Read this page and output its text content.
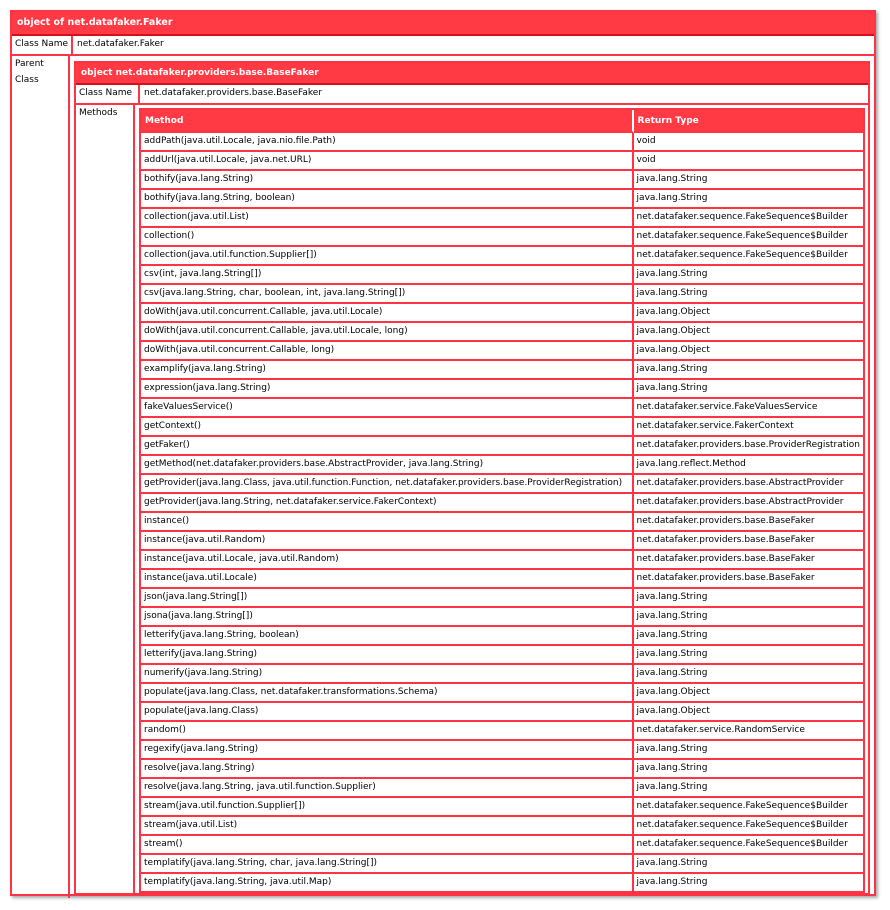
object of net.datafaker.Faker
Class Name net.datafaker.Faker
Parent Class
object net.datafaker.providers.base.BaseFaker
Class Name	net.datafaker.providers.base.BaseFaker
Methods
Method	Return Type
addPath(java.util.Locale, java.nio.file.Path)	void
addUrl(java.util.Locale, java.net.URL)	void
bothify(java.lang.String)	java.lang.String
bothify(java.lang.String, boolean)	java.lang.String
collection(java.util.List)	net.datafaker.sequence.FakeSequence$Builder
collection()	net.datafaker.sequence.FakeSequence$Builder
collection(java.util.function.Supplier[])	net.datafaker.sequence.FakeSequence$Builder
csv(int, java.lang.String[])	java.lang.String
csv(java.lang.String, char, boolean, int, java.lang.String[])	java.lang.String
doWith(java.util.concurrent.Callable, java.util.Locale)	java.lang.Object
doWith(java.util.concurrent.Callable, java.util.Locale, long)	java.lang.Object
doWith(java.util.concurrent.Callable, long)	java.lang.Object
examplify(java.lang.String)	java.lang.String
expression(java.lang.String)	java.lang.String
fakeValuesService()	net.datafaker.service.FakeValuesService
getContext()	net.datafaker.service.FakerContext
getFaker()	net.datafaker.providers.base.ProviderRegistration
getMethod(net.datafaker.providers.base.AbstractProvider, java.lang.String)	java.lang.reflect.Method
getProvider(java.lang.Class, java.util.function.Function, net.datafaker.providers.base.ProviderRegistration)	net.datafaker.providers.base.AbstractProvider
getProvider(java.lang.String, net.datafaker.service.FakerContext)	net.datafaker.providers.base.AbstractProvider
instance()	net.datafaker.providers.base.BaseFaker
instance(java.util.Random)	net.datafaker.providers.base.BaseFaker
instance(java.util.Locale, java.util.Random)	net.datafaker.providers.base.BaseFaker
instance(java.util.Locale)	net.datafaker.providers.base.BaseFaker
json(java.lang.String[])	java.lang.String
jsona(java.lang.String[])	java.lang.String
letterify(java.lang.String, boolean)	java.lang.String
letterify(java.lang.String)	java.lang.String
numerify(java.lang.String)	java.lang.String
populate(java.lang.Class, net.datafaker.transformations.Schema)	java.lang.Object
populate(java.lang.Class)	java.lang.Object
random()	net.datafaker.service.RandomService
regexify(java.lang.String)	java.lang.String
resolve(java.lang.String)	java.lang.String
resolve(java.lang.String, java.util.function.Supplier)	java.lang.String
stream(java.util.function.Supplier[])	net.datafaker.sequence.FakeSequence$Builder
stream(java.util.List)	net.datafaker.sequence.FakeSequence$Builder
stream()	net.datafaker.sequence.FakeSequence$Builder
templatify(java.lang.String, char, java.lang.String[])	java.lang.String
templatify(java.lang.String, java.util.Map)	java.lang.String
